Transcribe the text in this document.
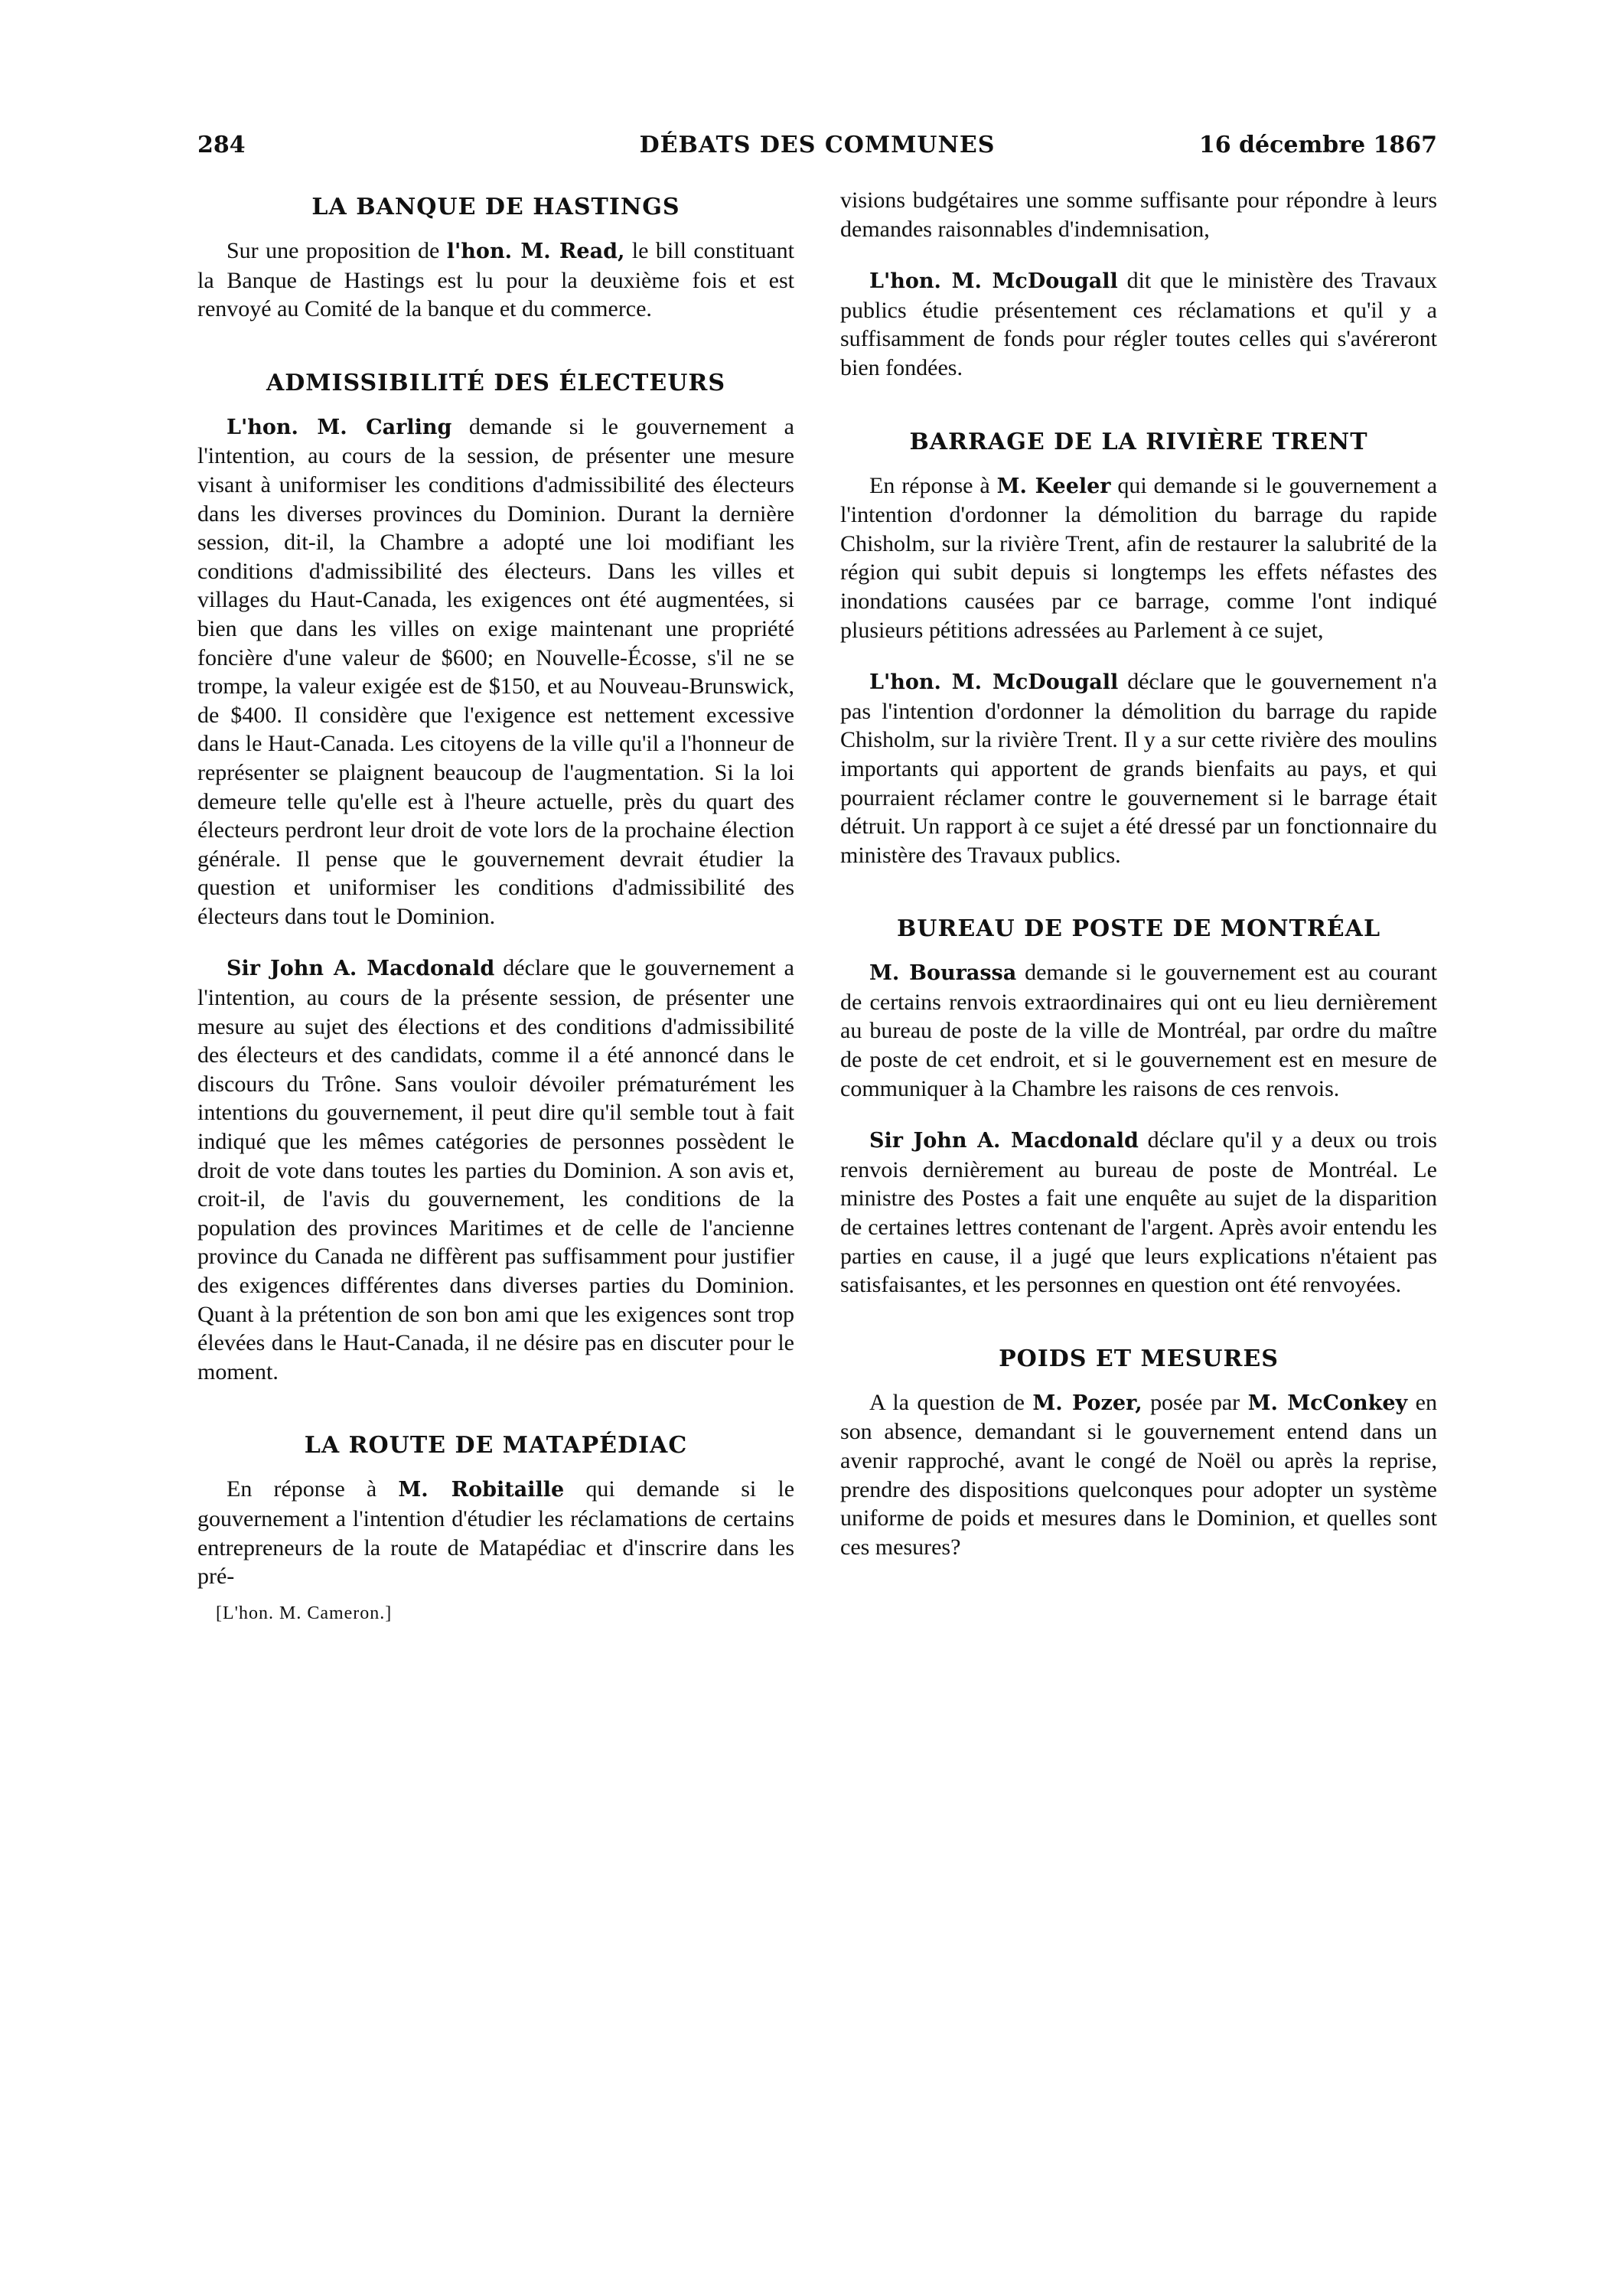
284	DÉBATS DES COMMUNES	16 décembre 1867
LA BANQUE DE HASTINGS

Sur une proposition de l'hon. M. Read, le bill constituant la Banque de Hastings est lu pour la deuxième fois et est renvoyé au Comité de la banque et du commerce.

ADMISSIBILITÉ DES ÉLECTEURS

L'hon. M. Carling demande si le gouvernement a l'intention, au cours de la session, de présenter une mesure visant à uniformiser les conditions d'admissibilité des électeurs dans les diverses provinces du Dominion. Durant la dernière session, dit-il, la Chambre a adopté une loi modifiant les conditions d'admissibilité des électeurs. Dans les villes et villages du Haut-Canada, les exigences ont été augmentées, si bien que dans les villes on exige maintenant une propriété foncière d'une valeur de $600; en Nouvelle-Écosse, s'il ne se trompe, la valeur exigée est de $150, et au Nouveau-Brunswick, de $400. Il considère que l'exigence est nettement excessive dans le Haut-Canada. Les citoyens de la ville qu'il a l'honneur de représenter se plaignent beaucoup de l'augmentation. Si la loi demeure telle qu'elle est à l'heure actuelle, près du quart des électeurs perdront leur droit de vote lors de la prochaine élection générale. Il pense que le gouvernement devrait étudier la question et uniformiser les conditions d'admissibilité des électeurs dans tout le Dominion.

Sir John A. Macdonald déclare que le gouvernement a l'intention, au cours de la présente session, de présenter une mesure au sujet des élections et des conditions d'admissibilité des électeurs et des candidats, comme il a été annoncé dans le discours du Trône. Sans vouloir dévoiler prématurément les intentions du gouvernement, il peut dire qu'il semble tout à fait indiqué que les mêmes catégories de personnes possèdent le droit de vote dans toutes les parties du Dominion. A son avis et, croit-il, de l'avis du gouvernement, les conditions de la population des provinces Maritimes et de celle de l'ancienne province du Canada ne diffèrent pas suffisamment pour justifier des exigences différentes dans diverses parties du Dominion. Quant à la prétention de son bon ami que les exigences sont trop élevées dans le Haut-Canada, il ne désire pas en discuter pour le moment.

LA ROUTE DE MATAPÉDIAC

En réponse à M. Robitaille qui demande si le gouvernement a l'intention d'étudier les réclamations de certains entrepreneurs de la route de Matapédiac et d'inscrire dans les pré-

[L'hon. M. Cameron.]

visions budgétaires une somme suffisante pour répondre à leurs demandes raisonnables d'indemnisation,

L'hon. M. McDougall dit que le ministère des Travaux publics étudie présentement ces réclamations et qu'il y a suffisamment de fonds pour régler toutes celles qui s'avéreront bien fondées.

BARRAGE DE LA RIVIÈRE TRENT

En réponse à M. Keeler qui demande si le gouvernement a l'intention d'ordonner la démolition du barrage du rapide Chisholm, sur la rivière Trent, afin de restaurer la salubrité de la région qui subit depuis si longtemps les effets néfastes des inondations causées par ce barrage, comme l'ont indiqué plusieurs pétitions adressées au Parlement à ce sujet,

L'hon. M. McDougall déclare que le gouvernement n'a pas l'intention d'ordonner la démolition du barrage du rapide Chisholm, sur la rivière Trent. Il y a sur cette rivière des moulins importants qui apportent de grands bienfaits au pays, et qui pourraient réclamer contre le gouvernement si le barrage était détruit. Un rapport à ce sujet a été dressé par un fonctionnaire du ministère des Travaux publics.

BUREAU DE POSTE DE MONTRÉAL

M. Bourassa demande si le gouvernement est au courant de certains renvois extraordinaires qui ont eu lieu dernièrement au bureau de poste de la ville de Montréal, par ordre du maître de poste de cet endroit, et si le gouvernement est en mesure de communiquer à la Chambre les raisons de ces renvois.

Sir John A. Macdonald déclare qu'il y a deux ou trois renvois dernièrement au bureau de poste de Montréal. Le ministre des Postes a fait une enquête au sujet de la disparition de certaines lettres contenant de l'argent. Après avoir entendu les parties en cause, il a jugé que leurs explications n'étaient pas satisfaisantes, et les personnes en question ont été renvoyées.

POIDS ET MESURES

A la question de M. Pozer, posée par M. McConkey en son absence, demandant si le gouvernement entend dans un avenir rapproché, avant le congé de Noël ou après la reprise, prendre des dispositions quelconques pour adopter un système uniforme de poids et mesures dans le Dominion, et quelles sont ces mesures?
